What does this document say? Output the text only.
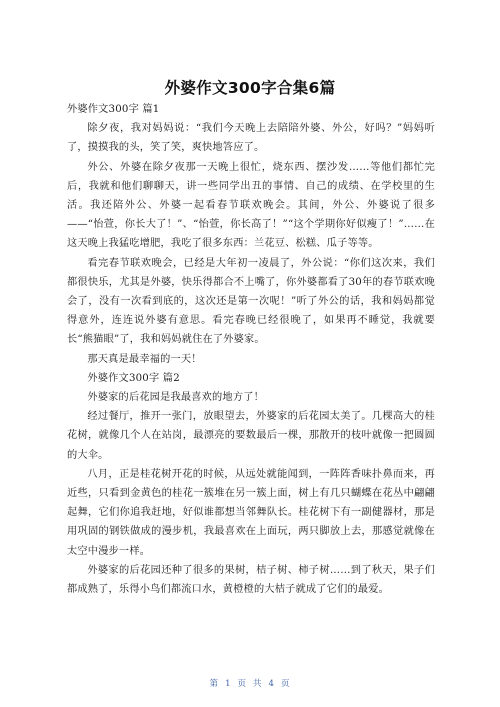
外婆作文300字合集6篇

外婆作文300字 篇1

除夕夜，我对妈妈说：“我们今天晚上去陪陪外婆、外公，好吗？”妈妈听了，摸摸我的头，笑了笑，爽快地答应了。

外公、外婆在除夕夜那一天晚上很忙，烧东西、摆沙发……等他们都忙完后，我就和他们聊聊天，讲一些同学出丑的事情、自己的成绩、在学校里的生活。我还陪外公、外婆一起看春节联欢晚会。其间，外公、外婆说了很多——“怡萱，你长大了！”、“怡萱，你长高了！”“这个学期你好似瘦了！”……在这天晚上我猛吃增肥，我吃了很多东西：兰花豆、松糕、瓜子等等。

看完春节联欢晚会，已经是大年初一凌晨了，外公说：“你们这次来，我们都很快乐，尤其是外婆，快乐得都合不上嘴了，你外婆都看了30年的春节联欢晚会了，没有一次看到底的，这次还是第一次呢！”听了外公的话，我和妈妈都觉得意外，连连说外婆有意思。看完春晚已经很晚了，如果再不睡觉，我就要长“熊猫眼”了，我和妈妈就住在了外婆家。

那天真是最幸福的一天！

外婆作文300字 篇2

外婆家的后花园是我最喜欢的地方了！

经过餐厅，推开一张门，放眼望去，外婆家的后花园太美了。几棵高大的桂花树，就像几个人在站岗，最漂亮的要数最后一棵，那散开的枝叶就像一把圆圆的大伞。

八月，正是桂花树开花的时候，从远处就能闻到，一阵阵香味扑鼻而来，再近些，只看到金黄色的桂花一簇堆在另一簇上面，树上有几只蝴蝶在花丛中翩翩起舞，它们你追我赶地，好似谁都想当邻舞队长。桂花树下有一副健器材，那是用巩固的钢铁做成的漫步机，我最喜欢在上面玩，两只脚放上去，那感觉就像在太空中漫步一样。

外婆家的后花园还种了很多的果树，桔子树、柿子树……到了秋天，果子们都成熟了，乐得小鸟们都流口水，黄橙橙的大桔子就成了它们的最爱。

第 1 页 共 4 页
